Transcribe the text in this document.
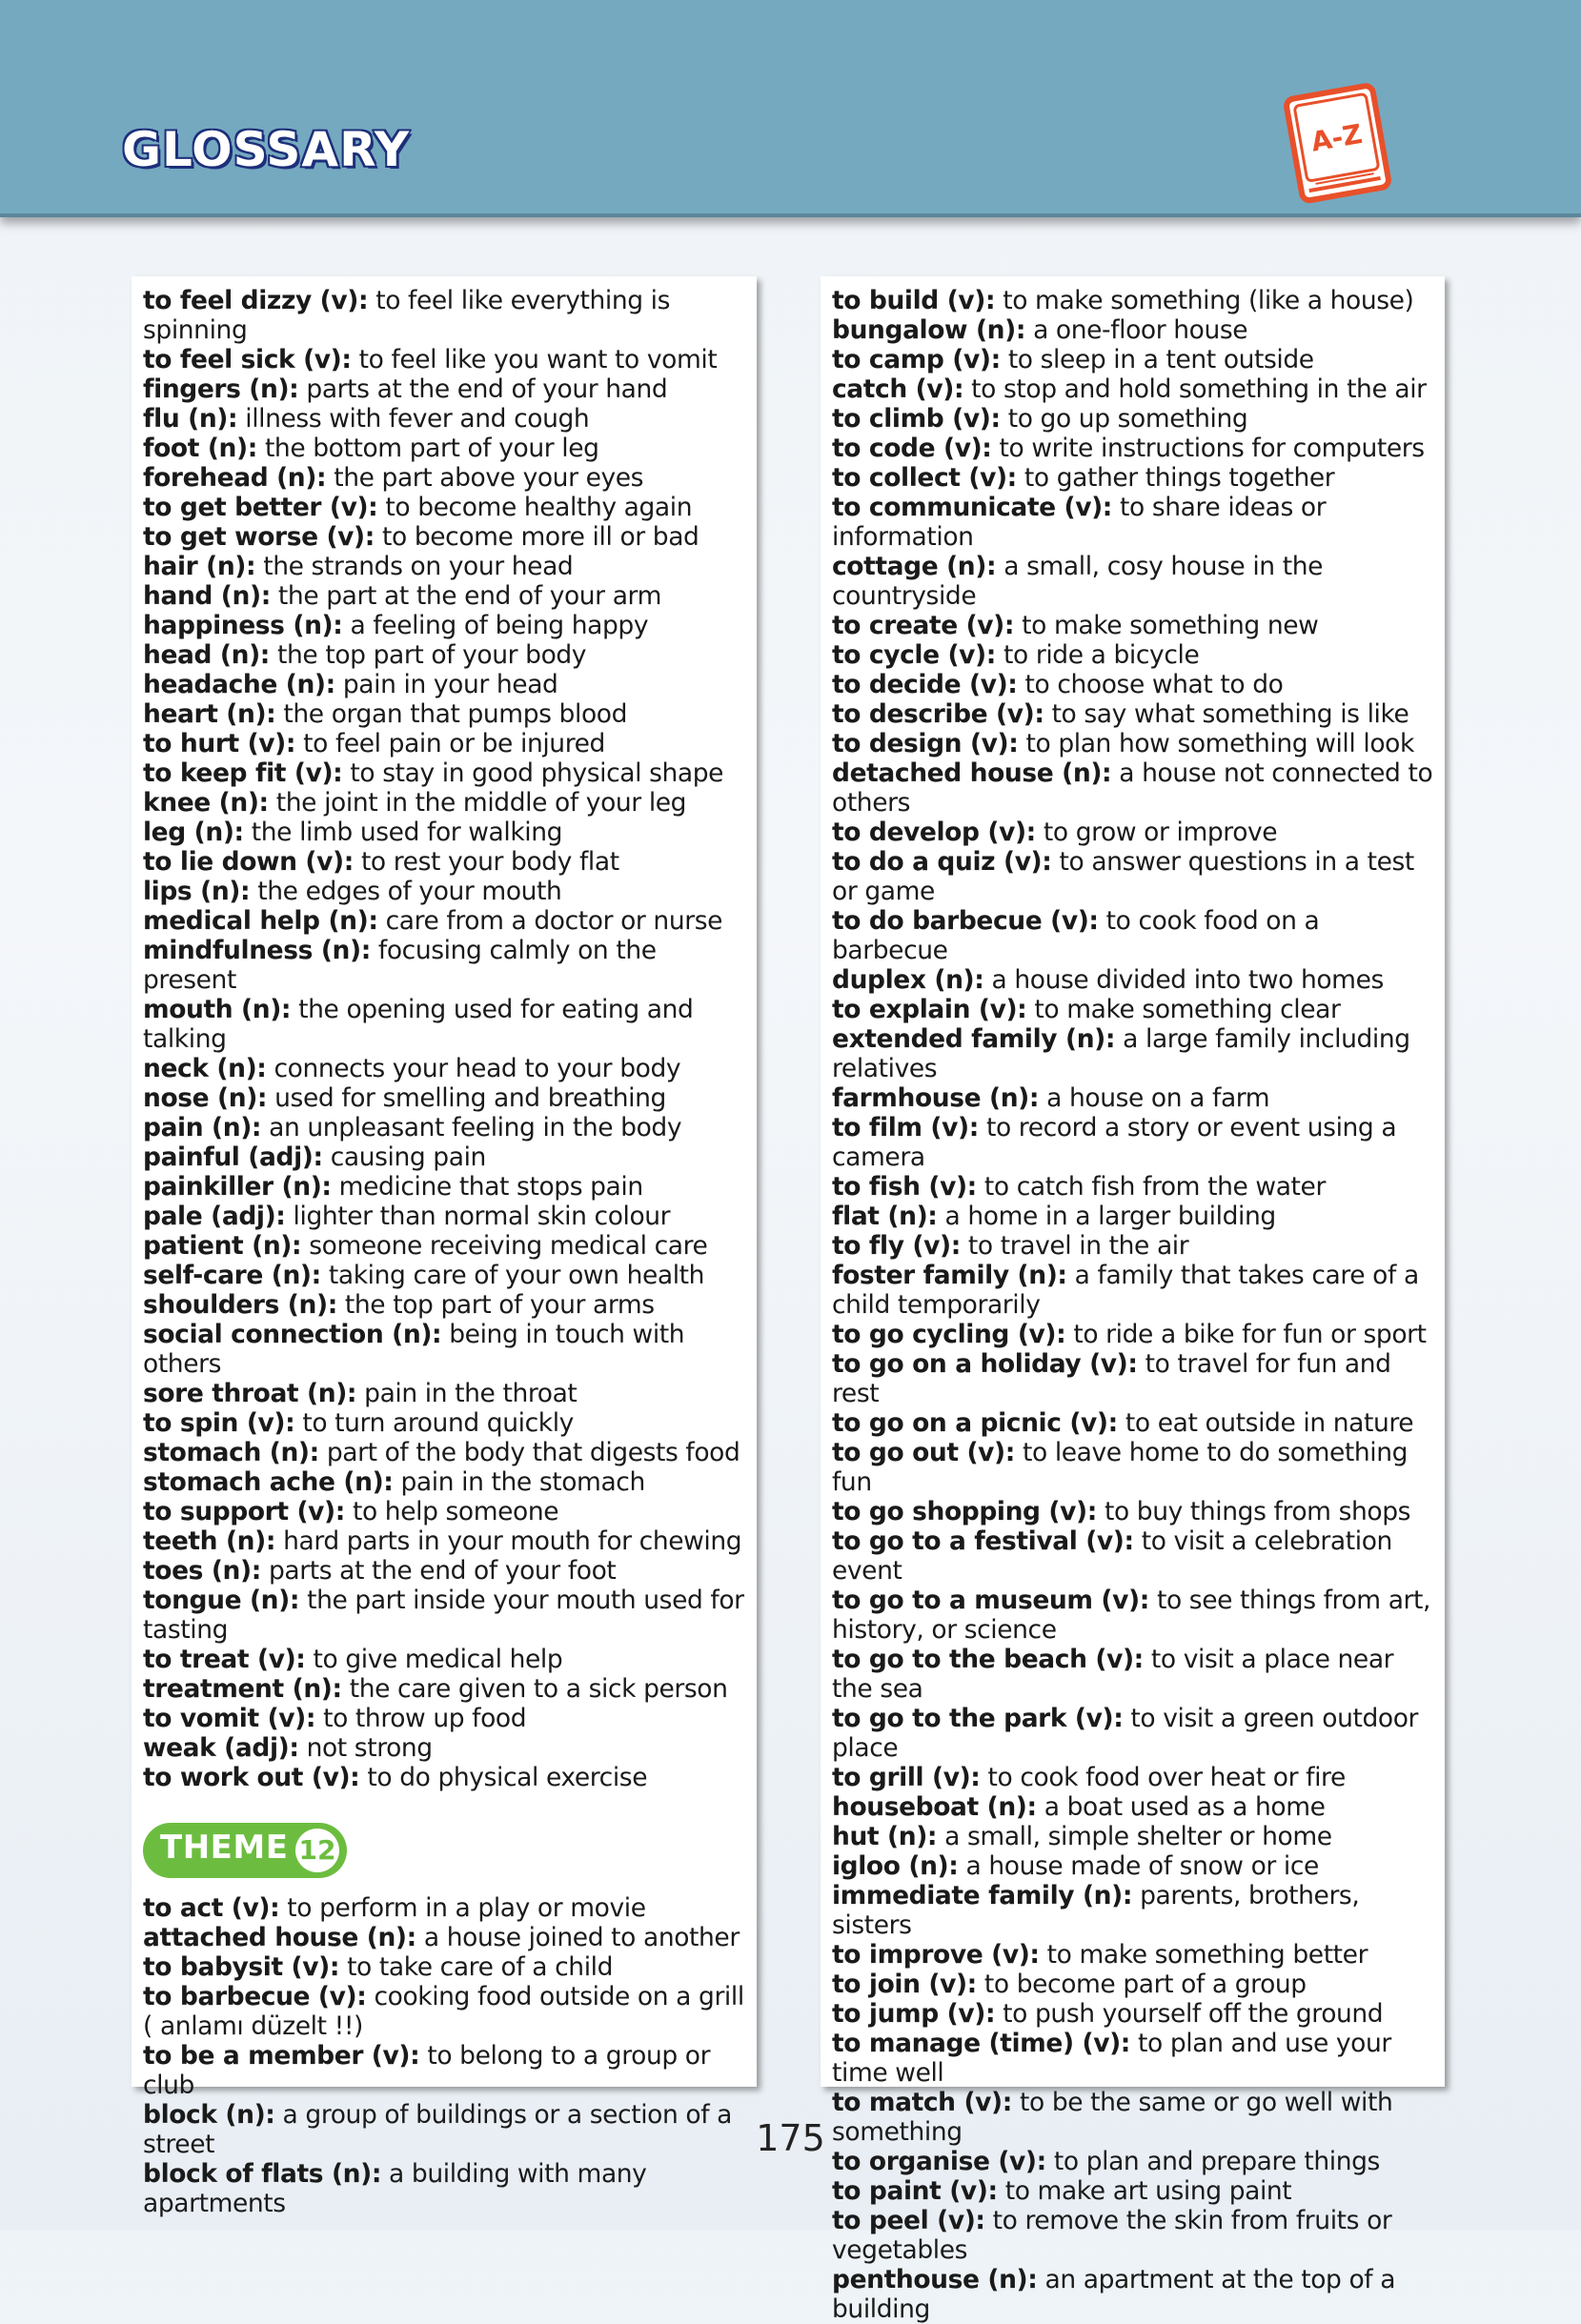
GLOSSARY	A-Z
to feel dizzy (v): to feel like everything is spinning
to feel sick (v): to feel like you want to vomit
fingers (n): parts at the end of your hand
flu (n): illness with fever and cough
foot (n): the bottom part of your leg
forehead (n): the part above your eyes
to get better (v): to become healthy again
to get worse (v): to become more ill or bad
hair (n): the strands on your head
hand (n): the part at the end of your arm
happiness (n): a feeling of being happy
head (n): the top part of your body
headache (n): pain in your head
heart (n): the organ that pumps blood
to hurt (v): to feel pain or be injured
to keep fit (v): to stay in good physical shape
knee (n): the joint in the middle of your leg
leg (n): the limb used for walking
to lie down (v): to rest your body flat
lips (n): the edges of your mouth
medical help (n): care from a doctor or nurse
mindfulness (n): focusing calmly on the present
mouth (n): the opening used for eating and talking
neck (n): connects your head to your body
nose (n): used for smelling and breathing
pain (n): an unpleasant feeling in the body
painful (adj): causing pain
painkiller (n): medicine that stops pain
pale (adj): lighter than normal skin colour
patient (n): someone receiving medical care
self-care (n): taking care of your own health
shoulders (n): the top part of your arms
social connection (n): being in touch with others
sore throat (n): pain in the throat
to spin (v): to turn around quickly
stomach (n): part of the body that digests food
stomach ache (n): pain in the stomach
to support (v): to help someone
teeth (n): hard parts in your mouth for chewing
toes (n): parts at the end of your foot
tongue (n): the part inside your mouth used for tasting
to treat (v): to give medical help
treatment (n): the care given to a sick person
to vomit (v): to throw up food
weak (adj): not strong
to work out (v): to do physical exercise
THEME 12
to act (v): to perform in a play or movie
attached house (n): a house joined to another
to babysit (v): to take care of a child
to barbecue (v): cooking food outside on a grill ( anlamı düzelt !!)
to be a member (v): to belong to a group or club
block (n): a group of buildings or a section of a street
block of flats (n): a building with many apartments
to build (v): to make something (like a house)
bungalow (n): a one-floor house
to camp (v): to sleep in a tent outside
catch (v): to stop and hold something in the air
to climb (v): to go up something
to code (v): to write instructions for computers
to collect (v): to gather things together
to communicate (v): to share ideas or information
cottage (n): a small, cosy house in the countryside
to create (v): to make something new
to cycle (v): to ride a bicycle
to decide (v): to choose what to do
to describe (v): to say what something is like
to design (v): to plan how something will look
detached house (n): a house not connected to others
to develop (v): to grow or improve
to do a quiz (v): to answer questions in a test or game
to do barbecue (v): to cook food on a barbecue
duplex (n): a house divided into two homes
to explain (v): to make something clear
extended family (n): a large family including relatives
farmhouse (n): a house on a farm
to film (v): to record a story or event using a camera
to fish (v): to catch fish from the water
flat (n): a home in a larger building
to fly (v): to travel in the air
foster family (n): a family that takes care of a child temporarily
to go cycling (v): to ride a bike for fun or sport
to go on a holiday (v): to travel for fun and rest
to go on a picnic (v): to eat outside in nature
to go out (v): to leave home to do something fun
to go shopping (v): to buy things from shops
to go to a festival (v): to visit a celebration event
to go to a museum (v): to see things from art, history, or science
to go to the beach (v): to visit a place near the sea
to go to the park (v): to visit a green outdoor place
to grill (v): to cook food over heat or fire
houseboat (n): a boat used as a home
hut (n): a small, simple shelter or home
igloo (n): a house made of snow or ice
immediate family (n): parents, brothers, sisters
to improve (v): to make something better
to join (v): to become part of a group
to jump (v): to push yourself off the ground
to manage (time) (v): to plan and use your time well
to match (v): to be the same or go well with something
to organise (v): to plan and prepare things
to paint (v): to make art using paint
to peel (v): to remove the skin from fruits or vegetables
penthouse (n): an apartment at the top of a building
175
